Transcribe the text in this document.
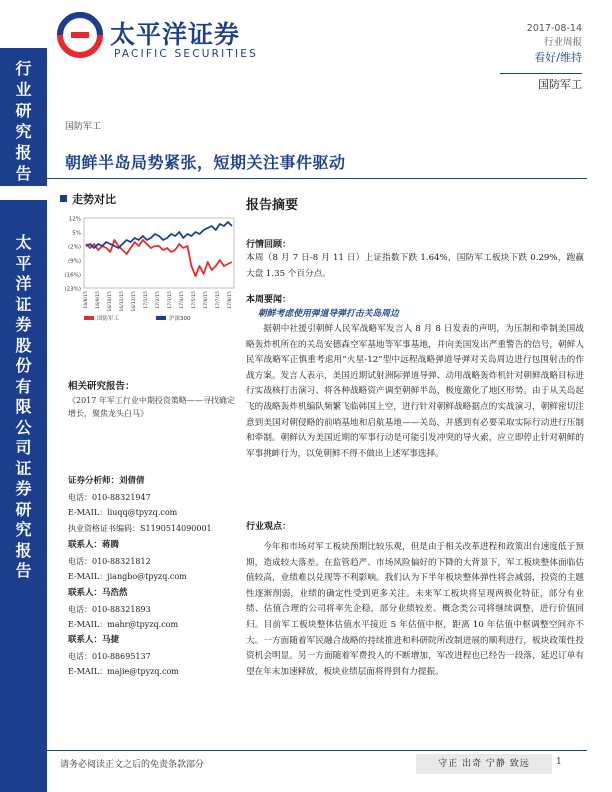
行业研究报告
太平洋证券股份有限公司证券研究报告
太平洋证券
PACIFIC SECURITIES
2017-08-14
行业周报
看好/维持
国防军工
国防军工
朝鲜半岛局势紧张，短期关注事件驱动
走势对比
12%
5%
(2%)
(9%)
(16%)
(23%)
16/8/15 16/9/15 16/10/15 16/11/15 16/12/15 17/1/15 17/2/15 17/3/15 17/4/15 17/5/15 17/6/15 17/7/15 17/8/15
国防军工	沪深300
相关研究报告：
《2017 年军工行业中期投资策略——寻找确定增长，聚焦龙头白马》
证券分析师：刘倩倩
电话：010-88321947
E-MAIL：liuqq@tpyzq.com
执业资格证书编码：S1190514090001
联系人：蒋腾
电话：010-88321812
E-MAIL：jiangbo@tpyzq.com
联系人：马浩然
电话：010-88321893
E-MAIL：mahr@tpyzq.com
联系人：马捷
电话：010-88695137
E-MAIL：majie@tpyzq.com
报告摘要
行情回顾：
本周（8 月 7 日-8 月 11 日）上证指数下跌 1.64%，国防军工板块下跌 0.29%，跑赢大盘 1.35 个百分点。
本周要闻：
朝鲜考虑使用弹道导弹打击关岛周边
据朝中社援引朝鲜人民军战略军发言人 8 月 8 日发表的声明，为压制和牵制美国战略轰炸机所在的关岛安德森空军基地等军事基地，并向美国发出严重警告的信号，朝鲜人民军战略军正慎重考虑用“火星-12”型中远程战略弹道导弹对关岛周边进行包围射击的作战方案。发言人表示，美国近期试射洲际弹道导弹、动用战略轰炸机针对朝鲜战略目标进行实战核打击演习、将各种战略资产调至朝鲜半岛，极度激化了地区形势。由于从关岛起飞的战略轰炸机编队频繁飞临韩国上空，进行针对朝鲜战略据点的实战演习，朝鲜密切注意到美国对朝侵略的前哨基地和启航基地——关岛，并感到有必要采取实际行动进行压制和牵制。朝鲜认为美国近期的军事行动是可能引发冲突的导火索，应立即停止针对朝鲜的军事挑衅行为，以免朝鲜不得不做出上述军事选择。
行业观点：
今年和市场对军工板块预期比较乐观，但是由于相关改革进程和政策出台速度低于预期，造成较大落差。在监管趋严、市场风险偏好的下降的大背景下，军工板块整体面临估值较高，业绩难以兑现等不利影响。我们认为下半年板块整体弹性将会减弱，投资的主题性逐渐削弱，业绩的确定性受到更多关注。未来军工板块将呈现两极化特征，部分有业绩、估值合理的公司将率先企稳，部分业绩较差、概念类公司将继续调整，进行价值回归。目前军工板块整体估值水平接近 5 年估值中枢，距离 10 年估值中枢调整空间亦不大。一方面随着军民融合战略的持续推进和科研院所改制进展的顺利进行，板块政策性投资机会明显。另一方面随着军费投入的不断增加，军改进程也已经告一段落，延迟订单有望在年末加速释放，板块业绩层面将得到有力提振。
请务必阅读正文之后的免责条款部分	守正 出奇 宁静 致远	1
